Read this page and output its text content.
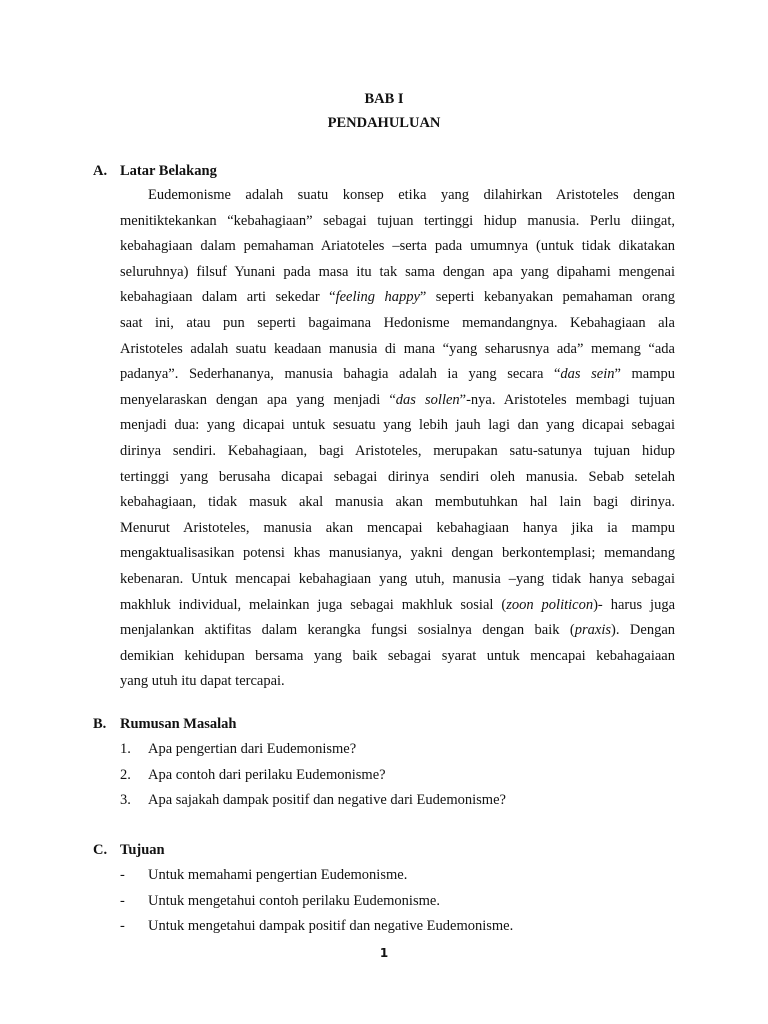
BAB I
PENDAHULUAN
A. Latar Belakang
Eudemonisme adalah suatu konsep etika yang dilahirkan Aristoteles dengan
menitiktekankan “kebahagiaan” sebagai tujuan tertinggi hidup manusia. Perlu diingat,
kebahagiaan dalam pemahaman Ariatoteles –serta pada umumnya (untuk tidak dikatakan
seluruhnya) filsuf Yunani pada masa itu tak sama dengan apa yang dipahami mengenai
kebahagiaan dalam arti sekedar “feeling happy” seperti kebanyakan pemahaman orang
saat ini, atau pun seperti bagaimana Hedonisme memandangnya. Kebahagiaan ala
Aristoteles adalah suatu keadaan manusia di mana “yang seharusnya ada” memang “ada
padanya”. Sederhananya, manusia bahagia adalah ia yang secara “das sein” mampu
menyelaraskan dengan apa yang menjadi “das sollen”-nya. Aristoteles membagi tujuan
menjadi dua: yang dicapai untuk sesuatu yang lebih jauh lagi dan yang dicapai sebagai
dirinya sendiri. Kebahagiaan, bagi Aristoteles, merupakan satu-satunya tujuan hidup
tertinggi yang berusaha dicapai sebagai dirinya sendiri oleh manusia. Sebab setelah
kebahagiaan, tidak masuk akal manusia akan membutuhkan hal lain bagi dirinya.
Menurut Aristoteles, manusia akan mencapai kebahagiaan hanya jika ia mampu
mengaktualisasikan potensi khas manusianya, yakni dengan berkontemplasi; memandang
kebenaran. Untuk mencapai kebahagiaan yang utuh, manusia –yang tidak hanya sebagai
makhluk individual, melainkan juga sebagai makhluk sosial (zoon politicon)- harus juga
menjalankan aktifitas dalam kerangka fungsi sosialnya dengan baik (praxis). Dengan
demikian kehidupan bersama yang baik sebagai syarat untuk mencapai kebahagaiaan
yang utuh itu dapat tercapai.
B. Rumusan Masalah
1. Apa pengertian dari Eudemonisme?
2. Apa contoh dari perilaku Eudemonisme?
3. Apa sajakah dampak positif dan negative dari Eudemonisme?
C. Tujuan
- Untuk memahami pengertian Eudemonisme.
- Untuk mengetahui contoh perilaku Eudemonisme.
- Untuk mengetahui dampak positif dan negative Eudemonisme.
1
